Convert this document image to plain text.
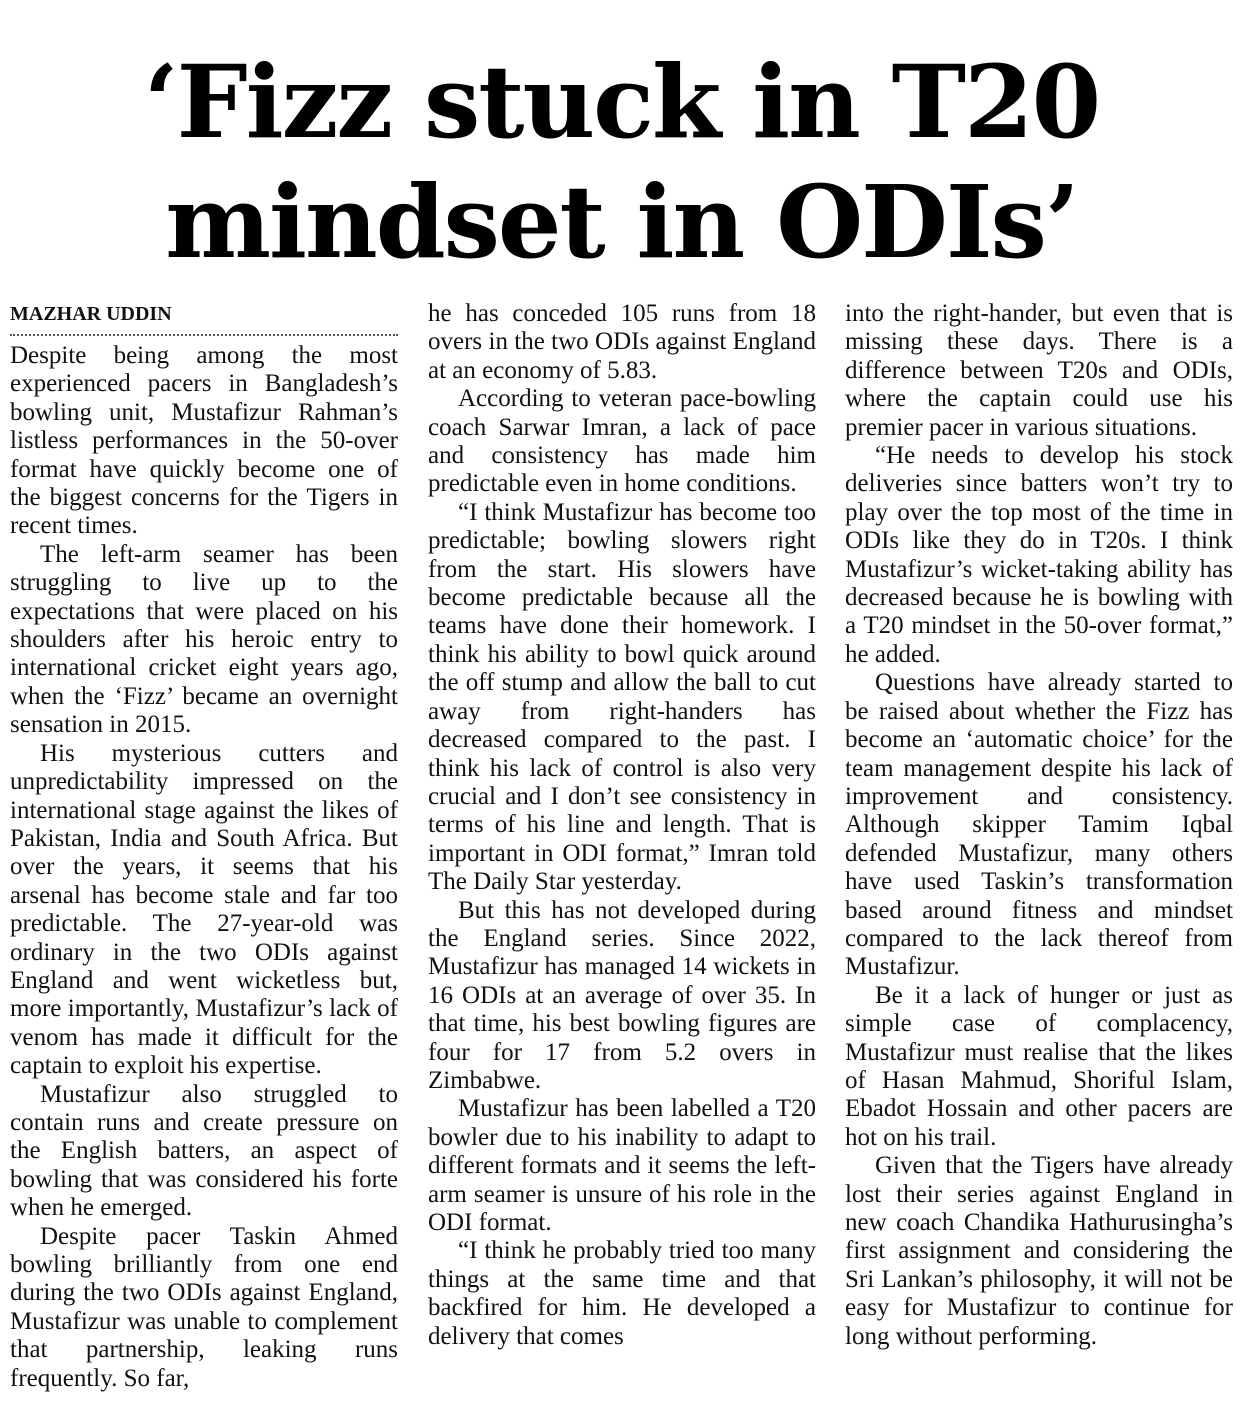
‘Fizz stuck in T20
mindset in ODIs’
MAZHAR UDDIN

Despite being among the most experienced pacers in Bangladesh’s bowling unit, Mustafizur Rahman’s listless performances in the 50-over format have quickly become one of the biggest concerns for the Tigers in recent times.

The left-arm seamer has been struggling to live up to the expectations that were placed on his shoulders after his heroic entry to international cricket eight years ago, when the ‘Fizz’ became an overnight sensation in 2015.

His mysterious cutters and unpredictability impressed on the international stage against the likes of Pakistan, India and South Africa. But over the years, it seems that his arsenal has become stale and far too predictable. The 27-year-old was ordinary in the two ODIs against England and went wicketless but, more importantly, Mustafizur’s lack of venom has made it difficult for the captain to exploit his expertise.

Mustafizur also struggled to contain runs and create pressure on the English batters, an aspect of bowling that was considered his forte when he emerged.

Despite pacer Taskin Ahmed bowling brilliantly from one end during the two ODIs against England, Mustafizur was unable to complement that partnership, leaking runs frequently. So far,

he has conceded 105 runs from 18 overs in the two ODIs against England at an economy of 5.83.

According to veteran pace-bowling coach Sarwar Imran, a lack of pace and consistency has made him predictable even in home conditions.

“I think Mustafizur has become too predictable; bowling slowers right from the start. His slowers have become predictable because all the teams have done their homework. I think his ability to bowl quick around the off stump and allow the ball to cut away from right-handers has decreased compared to the past. I think his lack of control is also very crucial and I don’t see consistency in terms of his line and length. That is important in ODI format,” Imran told The Daily Star yesterday.

But this has not developed during the England series. Since 2022, Mustafizur has managed 14 wickets in 16 ODIs at an average of over 35. In that time, his best bowling figures are four for 17 from 5.2 overs in Zimbabwe.

Mustafizur has been labelled a T20 bowler due to his inability to adapt to different formats and it seems the left-arm seamer is unsure of his role in the ODI format.

“I think he probably tried too many things at the same time and that backfired for him. He developed a delivery that comes

into the right-hander, but even that is missing these days. There is a difference between T20s and ODIs, where the captain could use his premier pacer in various situations.

“He needs to develop his stock deliveries since batters won’t try to play over the top most of the time in ODIs like they do in T20s. I think Mustafizur’s wicket-taking ability has decreased because he is bowling with a T20 mindset in the 50-over format,” he added.

Questions have already started to be raised about whether the Fizz has become an ‘automatic choice’ for the team management despite his lack of improvement and consistency. Although skipper Tamim Iqbal defended Mustafizur, many others have used Taskin’s transformation based around fitness and mindset compared to the lack thereof from Mustafizur.

Be it a lack of hunger or just as simple case of complacency, Mustafizur must realise that the likes of Hasan Mahmud, Shoriful Islam, Ebadot Hossain and other pacers are hot on his trail.

Given that the Tigers have already lost their series against England in new coach Chandika Hathurusingha’s first assignment and considering the Sri Lankan’s philosophy, it will not be easy for Mustafizur to continue for long without performing.
